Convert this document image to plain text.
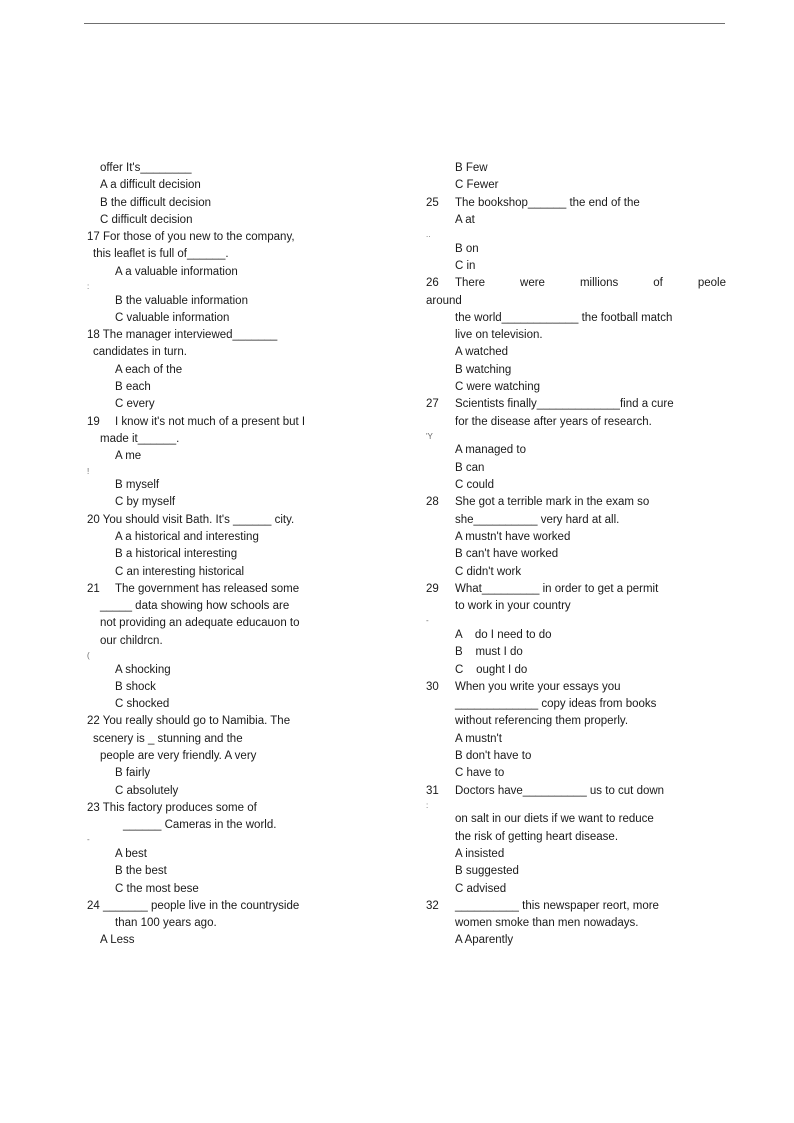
offer It's________
A a difficult decision
B the difficult decision
C difficult decision
17 For those of you new to the company,
this leaflet is full of______.
A a valuable information
:
B the valuable information
C valuable information
18 The manager interviewed_______
candidates in turn.
A each of the
B each
C every
19 I know it's not much of a present but I
made it______.
A me
!
B myself
C by myself
20 You should visit Bath. It's ______ city.
A a historical and interesting
B a historical interesting
C an interesting historical
21 The government has released some
_____ data showing how schools are
not providing an adequate educauon to
our childrcn.
(
A shocking
B shock
C shocked
22 You really should go to Namibia. The
scenery is _ stunning and the
people are very friendly. A very
B fairly
C absolutely
23 This factory produces some of
______ Cameras in the world.
-
A best
B the best
C the most bese
24 _______ people live in the countryside
than 100 years ago.
A Less
B Few
C Fewer
25 The bookshop______ the end of the
A at
..
B on
C in
26 There	were	millions	of	peole
around
the world____________ the football match
live on television.
A watched
B watching
C were watching
27 Scientists finally_____________find a cure
for the disease after years of research.
'Y
A managed to
B can
C could
28 She got a terrible mark in the exam so
she__________ very hard at all.
A mustn't have worked
B can't have worked
C didn't work
29 What_________ in order to get a permit
to work in your country
-
A    do I need to do
B    must I do
C    ought I do
30 When you write your essays you
_____________ copy ideas from books
without referencing them properly.
A mustn't
B don't have to
C have to
31 Doctors have__________ us to cut down
:
on salt in our diets if we want to reduce
the risk of getting heart disease.
A insisted
B suggested
C advised
32 __________ this newspaper reort, more
women smoke than men nowadays.
A Aparently
